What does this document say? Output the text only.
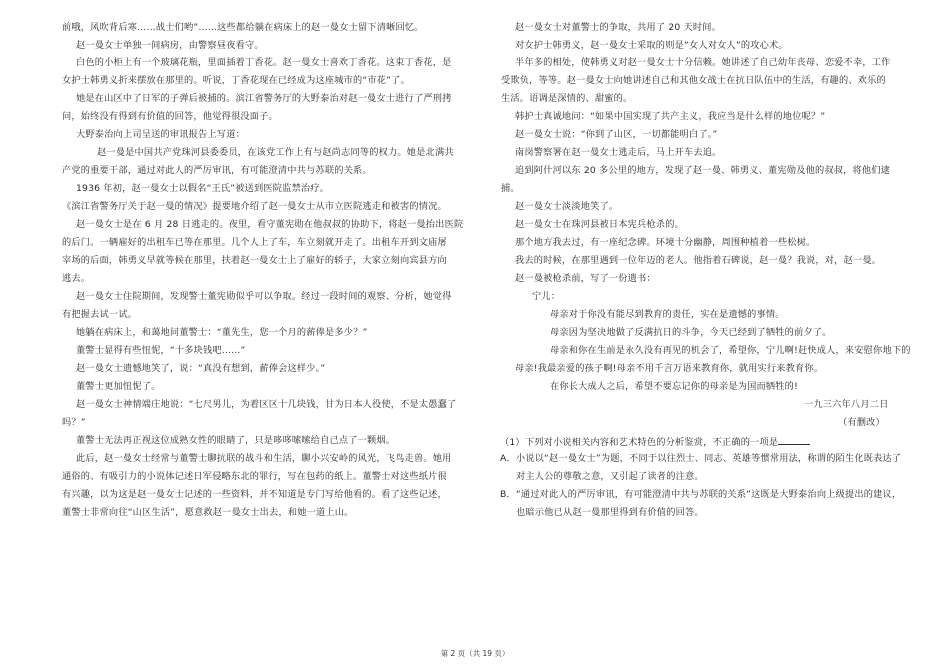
前哦，风吹背后寒……战士们哟”……这些都给躺在病床上的赵一曼女士留下清晰回忆。
赵一曼女士单独一间病房，由警察昼夜看守。
白色的小柜上有一个玻璃花瓶，里面插着丁香花。赵一曼女士喜欢丁香花。这束丁香花，是
女护士韩勇义折来摆放在那里的。听说，丁香花现在已经成为这座城市的“市花”了。
她是在山区中了日军的子弹后被捕的。滨江省警务厅的大野泰治对赵一曼女士进行了严刑拷
问，始终没有得到有价值的回答，他觉得很没面子。
大野泰治向上司呈送的审讯报告上写道：
赵一曼是中国共产党珠河县委委员，在该党工作上有与赵尚志同等的权力。她是北满共
产党的重要干部，通过对此人的严厉审讯，有可能澄清中共与苏联的关系。
1936 年初，赵一曼女士以假名“王氏”被送到医院监禁治疗。
《滨江省警务厅关于赵一曼的情况》提要地介绍了赵一曼女士从市立医院逃走和被害的情况。
赵一曼女士是在 6 月 28 日逃走的。夜里，看守董宪勋在他叔叔的协助下，将赵一曼抬出医院
的后门。一辆雇好的出租车已等在那里。几个人上了车，车立刻就开走了。出租车开到文庙屠
宰场的后面，韩勇义早就等候在那里，扶着赵一曼女士上了雇好的轿子，大家立刻向宾县方向
逃去。
赵一曼女士住院期间，发现警士董宪勋似乎可以争取。经过一段时间的观察、分析，她觉得
有把握去试一试。
她躺在病床上，和蔼地问董警士：“董先生，您一个月的薪俸是多少？”
董警士显得有些忸怩，“十多块钱吧……”
赵一曼女士遗憾地笑了，说：“真没有想到，薪俸会这样少。”
董警士更加忸怩了。
赵一曼女士神情端庄地说：“七尺男儿，为着区区十几块钱，甘为日本人役使，不是太愚蠢了
吗？”
董警士无法再正视这位成熟女性的眼睛了，只是哆哆嗦嗦给自己点了一颗烟。
此后，赵一曼女士经常与董警士聊抗联的战斗和生活，聊小兴安岭的风光，飞鸟走兽。她用
通俗的、有吸引力的小说体记述日军侵略东北的罪行，写在包药的纸上。董警士对这些纸片很
有兴趣，以为这是赵一曼女士记述的一些资料，并不知道是专门写给他看的。看了这些记述，
董警士非常向往“山区生活”，愿意救赵一曼女士出去，和她一道上山。
赵一曼女士对董警士的争取，共用了 20 天时间。
对女护士韩勇义，赵一曼女士采取的则是“女人对女人”的攻心术。
半年多的相处，使韩勇义对赵一曼女士十分信赖。她讲述了自己幼年丧母、恋爱不幸，工作
受欺负，等等。赵一曼女士向她讲述自己和其他女战士在抗日队伍中的生活，有趣的、欢乐的
生活。语调是深情的、甜蜜的。
韩护士真诚地问：“如果中国实现了共产主义，我应当是什么样的地位呢？”
赵一曼女士说：“你到了山区，一切都能明白了。”
南岗警察署在赵一曼女士逃走后，马上开车去追。
追到阿什河以东 20 多公里的地方，发现了赵一曼、韩勇义、董宪勋及他的叔叔，将他们逮
捕。
赵一曼女士淡淡地笑了。
赵一曼女士在珠河县被日本宪兵枪杀的。
那个地方我去过，有一座纪念碑。环境十分幽静，周围种植着一些松树。
我去的时候，在那里遇到一位年迈的老人。他指着石碑说，赵一曼？我说，对，赵一曼。
赵一曼被枪杀前，写了一份遗书：
宁儿：
母亲对于你没有能尽到教育的责任，实在是遗憾的事情。
母亲因为坚决地做了反满抗日的斗争，今天已经到了牺牲的前夕了。
母亲和你在生前是永久没有再见的机会了，希望你，宁儿啊!赶快成人，来安慰你地下的
母亲!我最亲爱的孩子啊!母亲不用千言万语来教育你，就用实行来教育你。
在你长大成人之后，希望不要忘记你的母亲是为国而牺牲的!
一九三六年八月二日
（有删改）
（1）下列对小说相关内容和艺术特色的分析鉴赏，不正确的一项是
A．小说以“赵一曼女士”为题，不同于以往烈士、同志、英雄等惯常用法，称谓的陌生化既表达了
对主人公的尊敬之意，又引起了读者的注意。
B．“通过对此人的严厉审讯，有可能澄清中共与苏联的关系”这既是大野泰治向上级提出的建议，
也暗示他已从赵一曼那里得到有价值的回答。
第 2 页（共 19 页）
